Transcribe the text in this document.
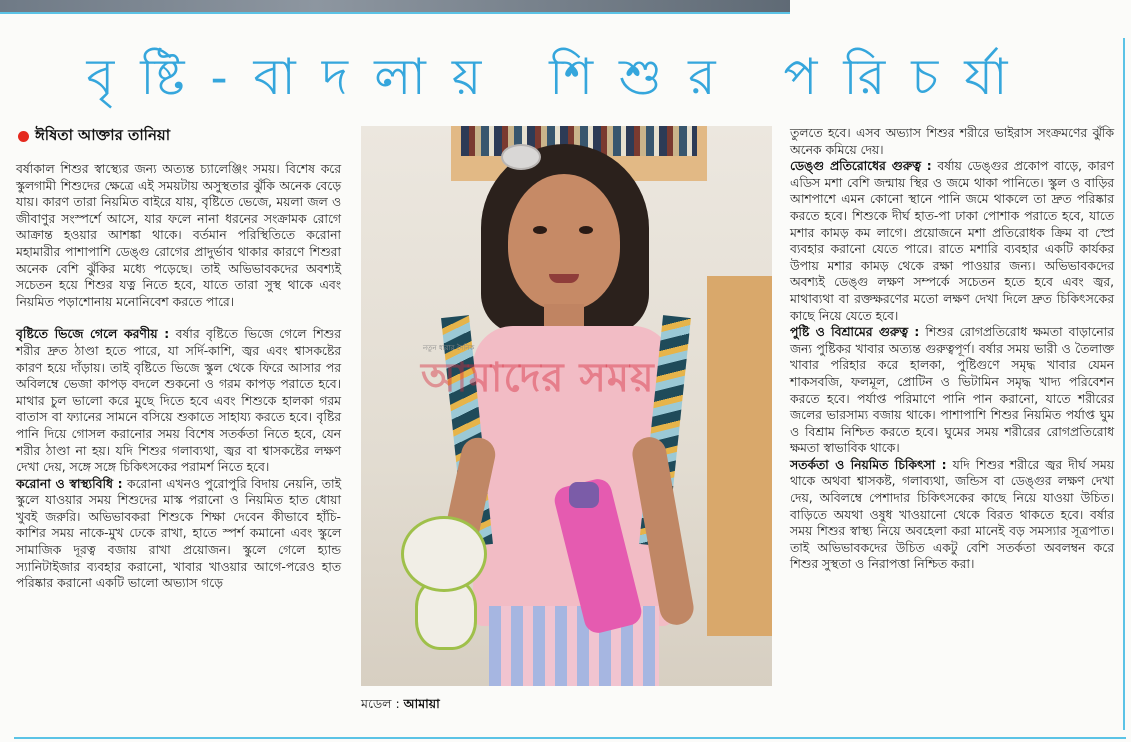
বৃষ্টি-বাদলায় শিশুর পরিচর্যা
ঈষিতা আক্তার তানিয়া

বর্ষাকাল শিশুর স্বাস্থ্যের জন্য অত্যন্ত চ্যালেঞ্জিং সময়। বিশেষ করে স্কুলগামী শিশুদের ক্ষেত্রে এই সময়টায় অসুস্থতার ঝুঁকি অনেক বেড়ে যায়। কারণ তারা নিয়মিত বাইরে যায়, বৃষ্টিতে ভেজে, ময়লা জল ও জীবাণুর সংস্পর্শে আসে, যার ফলে নানা ধরনের সংক্রামক রোগে আক্রান্ত হওয়ার আশঙ্কা থাকে। বর্তমান পরিস্থিতিতে করোনা মহামারীর পাশাপাশি ডেঙ্গু রোগের প্রাদুর্ভাব থাকার কারণে শিশুরা অনেক বেশি ঝুঁকির মধ্যে পড়েছে। তাই অভিভাবকদের অবশ্যই সচেতন হয়ে শিশুর যত্ন নিতে হবে, যাতে তারা সুস্থ থাকে এবং নিয়মিত পড়াশোনায় মনোনিবেশ করতে পারে।

বৃষ্টিতে ভিজে গেলে করণীয় : বর্ষার বৃষ্টিতে ভিজে গেলে শিশুর শরীর দ্রুত ঠাণ্ডা হতে পারে, যা সর্দি-কাশি, জ্বর এবং শ্বাসকষ্টের কারণ হয়ে দাঁড়ায়। তাই বৃষ্টিতে ভিজে স্কুল থেকে ফিরে আসার পর অবিলম্বে ভেজা কাপড় বদলে শুকনো ও গরম কাপড় পরাতে হবে। মাথার চুল ভালো করে মুছে দিতে হবে এবং শিশুকে হালকা গরম বাতাস বা ফ্যানের সামনে বসিয়ে শুকাতে সাহায্য করতে হবে। বৃষ্টির পানি দিয়ে গোসল করানোর সময় বিশেষ সতর্কতা নিতে হবে, যেন শরীর ঠাণ্ডা না হয়। যদি শিশুর গলাব্যথা, জ্বর বা শ্বাসকষ্টের লক্ষণ দেখা দেয়, সঙ্গে সঙ্গে চিকিৎসকের পরামর্শ নিতে হবে।

করোনা ও স্বাস্থ্যবিধি : করোনা এখনও পুরোপুরি বিদায় নেয়নি, তাই স্কুলে যাওয়ার সময় শিশুদের মাস্ক পরানো ও নিয়মিত হাত ধোয়া খুবই জরুরি। অভিভাবকরা শিশুকে শিক্ষা দেবেন কীভাবে হাঁচি-কাশির সময় নাকে-মুখ ঢেকে রাখা, হাতে স্পর্শ কমানো এবং স্কুলে সামাজিক দূরত্ব বজায় রাখা প্রয়োজন। স্কুলে গেলে হ্যান্ড স্যানিটাইজার ব্যবহার করানো, খাবার খাওয়ার আগে-পরেও হাত পরিষ্কার করানো একটি ভালো অভ্যাস গড়ে

নতুন ধারার দৈনিক
আমাদের সময়
মডেল : আমায়া

তুলতে হবে। এসব অভ্যাস শিশুর শরীরে ভাইরাস সংক্রমণের ঝুঁকি অনেক কমিয়ে দেয়।

ডেঙ্গু প্রতিরোধের গুরুত্ব : বর্ষায় ডেঙ্গুর প্রকোপ বাড়ে, কারণ এডিস মশা বেশি জন্মায় স্থির ও জমে থাকা পানিতে। স্কুল ও বাড়ির আশপাশে এমন কোনো স্থানে পানি জমে থাকলে তা দ্রুত পরিষ্কার করতে হবে। শিশুকে দীর্ঘ হাত-পা ঢাকা পোশাক পরাতে হবে, যাতে মশার কামড় কম লাগে। প্রয়োজনে মশা প্রতিরোধক ক্রিম বা স্প্রে ব্যবহার করানো যেতে পারে। রাতে মশারি ব্যবহার একটি কার্যকর উপায় মশার কামড় থেকে রক্ষা পাওয়ার জন্য। অভিভাবকদের অবশ্যই ডেঙ্গু লক্ষণ সম্পর্কে সচেতন হতে হবে এবং জ্বর, মাথাব্যথা বা রক্তক্ষরণের মতো লক্ষণ দেখা দিলে দ্রুত চিকিৎসকের কাছে নিয়ে যেতে হবে।

পুষ্টি ও বিশ্রামের গুরুত্ব : শিশুর রোগপ্রতিরোধ ক্ষমতা বাড়ানোর জন্য পুষ্টিকর খাবার অত্যন্ত গুরুত্বপূর্ণ। বর্ষার সময় ভারী ও তৈলাক্ত খাবার পরিহার করে হালকা, পুষ্টিগুণে সমৃদ্ধ খাবার যেমন শাকসবজি, ফলমূল, প্রোটিন ও ভিটামিন সমৃদ্ধ খাদ্য পরিবেশন করতে হবে। পর্যাপ্ত পরিমাণে পানি পান করানো, যাতে শরীরের জলের ভারসাম্য বজায় থাকে। পাশাপাশি শিশুর নিয়মিত পর্যাপ্ত ঘুম ও বিশ্রাম নিশ্চিত করতে হবে। ঘুমের সময় শরীরের রোগপ্রতিরোধ ক্ষমতা স্বাভাবিক থাকে।

সতর্কতা ও নিয়মিত চিকিৎসা : যদি শিশুর শরীরে জ্বর দীর্ঘ সময় থাকে অথবা শ্বাসকষ্ট, গলাব্যথা, জন্ডিস বা ডেঙ্গুর লক্ষণ দেখা দেয়, অবিলম্বে পেশাদার চিকিৎসকের কাছে নিয়ে যাওয়া উচিত। বাড়িতে অযথা ওষুধ খাওয়ানো থেকে বিরত থাকতে হবে। বর্ষার সময় শিশুর স্বাস্থ্য নিয়ে অবহেলা করা মানেই বড় সমস্যার সূত্রপাত। তাই অভিভাবকদের উচিত একটু বেশি সতর্কতা অবলম্বন করে শিশুর সুস্থতা ও নিরাপত্তা নিশ্চিত করা।
